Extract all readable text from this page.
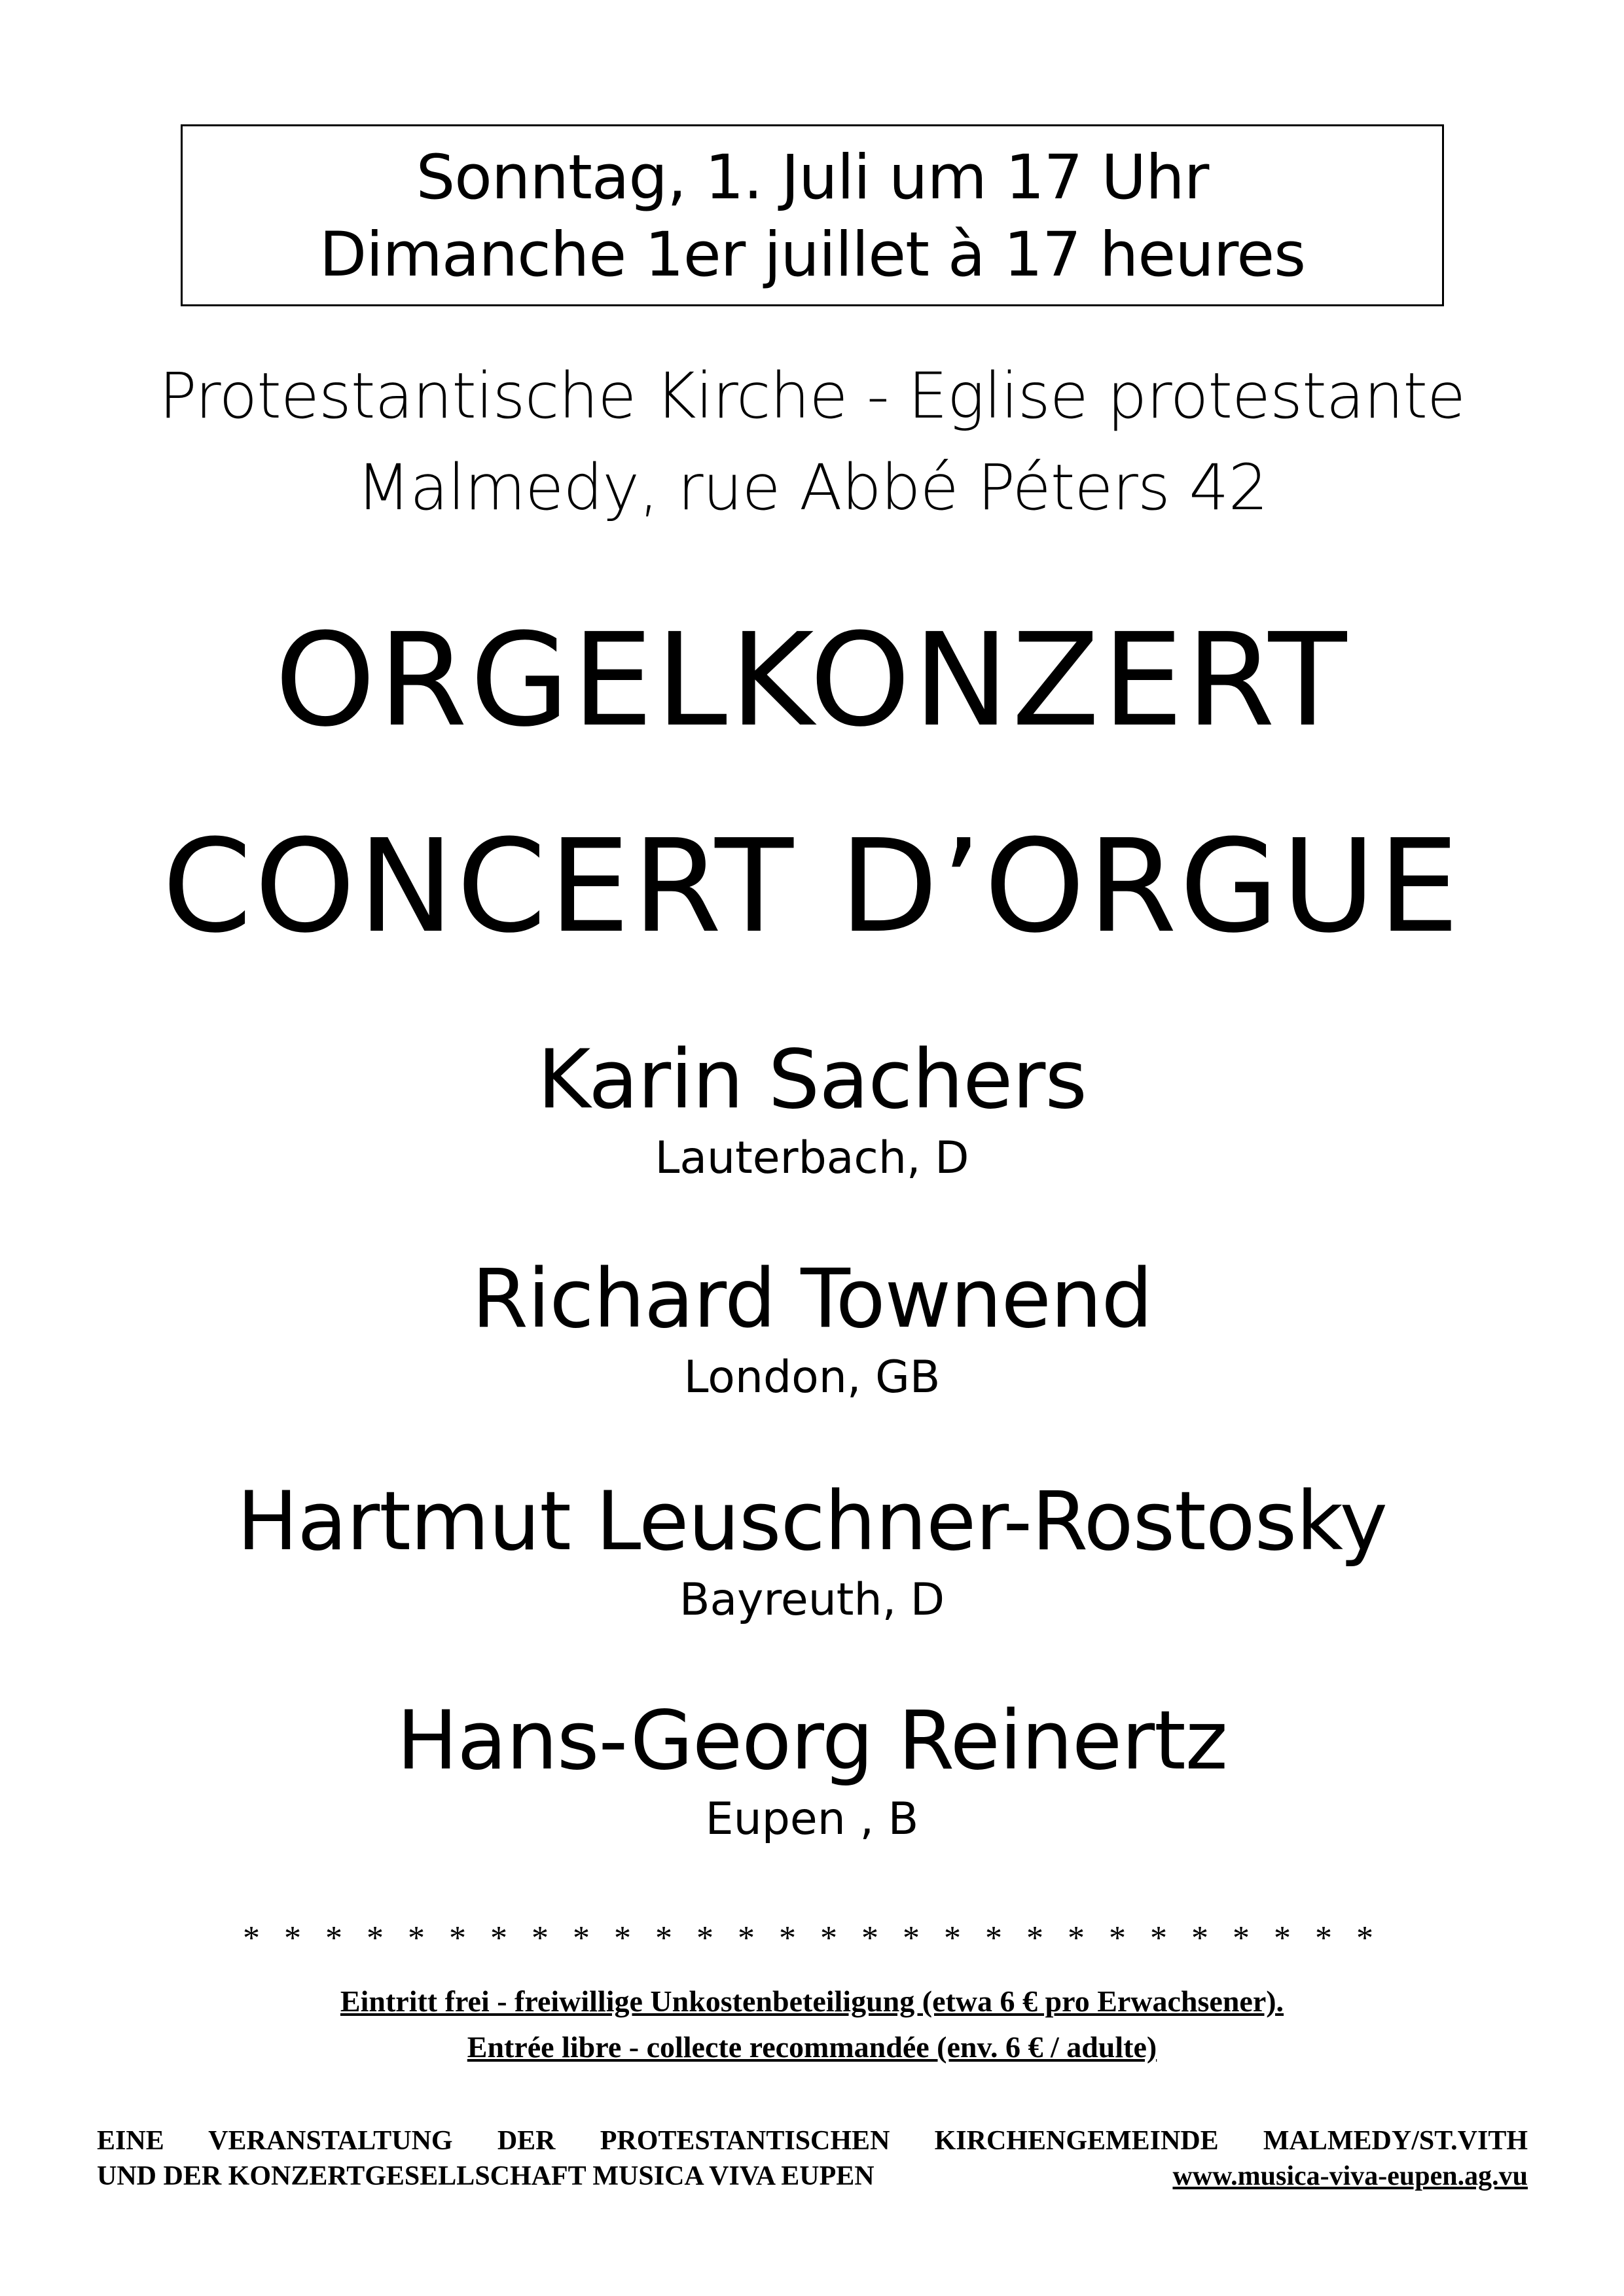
Sonntag, 1. Juli um 17 Uhr
Dimanche 1er juillet à 17 heures
Protestantische Kirche - Eglise protestante
Malmedy, rue Abbé Péters 42
ORGELKONZERT
CONCERT D’ORGUE
Karin Sachers
Lauterbach, D
Richard Townend
London, GB
Hartmut Leuschner-Rostosky
Bayreuth, D
Hans-Georg Reinertz
Eupen , B
* * * * * * * * * * * * * * * * * * * * * * * * * * * *
Eintritt frei - freiwillige Unkostenbeteiligung (etwa 6 € pro Erwachsener).
Entrée libre - collecte recommandée (env. 6 € / adulte)
EINE VERANSTALTUNG DER PROTESTANTISCHEN KIRCHENGEMEINDE MALMEDY/ST.VITH
UND DER KONZERTGESELLSCHAFT MUSICA VIVA EUPEN	www.musica-viva-eupen.ag.vu
